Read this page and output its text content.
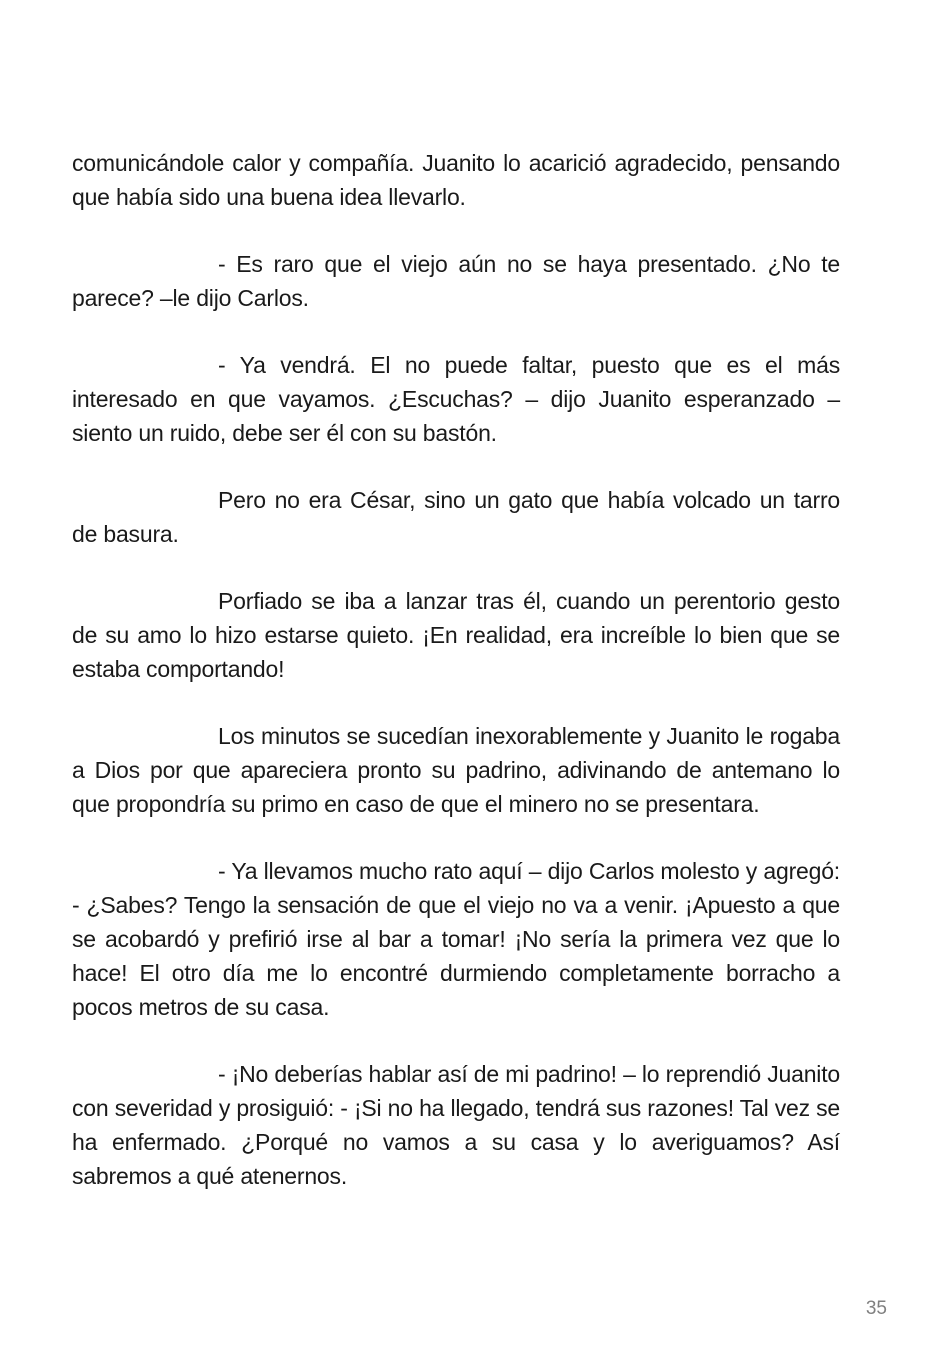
comunicándole calor y compañía. Juanito lo acarició agradecido, pensando que había sido una buena idea llevarlo.

- Es raro que el viejo aún no se haya presentado. ¿No te parece? –le dijo Carlos.

- Ya vendrá. El no puede faltar, puesto que es el más interesado en que vayamos. ¿Escuchas? – dijo Juanito esperanzado – siento un ruido, debe ser él con su bastón.

Pero no era César, sino un gato que había volcado un tarro de basura.

Porfiado se iba a lanzar tras él, cuando un perentorio gesto de su amo lo hizo estarse quieto. ¡En realidad, era increíble lo bien que se estaba comportando!

Los minutos se sucedían inexorablemente y Juanito le rogaba a Dios por que apareciera pronto su padrino, adivinando de antemano lo que propondría su primo en caso de que el minero no se presentara.

- Ya llevamos mucho rato aquí – dijo Carlos molesto y agregó: - ¿Sabes? Tengo la sensación de que el viejo no va a venir. ¡Apuesto a que se acobardó y prefirió irse al bar a tomar! ¡No sería la primera vez que lo hace! El otro día me lo encontré durmiendo completamente borracho a pocos metros de su casa.

- ¡No deberías hablar así de mi padrino! – lo reprendió Juanito con severidad y prosiguió: - ¡Si no ha llegado, tendrá sus razones! Tal vez se ha enfermado. ¿Porqué no vamos a su casa y lo averiguamos? Así sabremos a qué atenernos.

35
